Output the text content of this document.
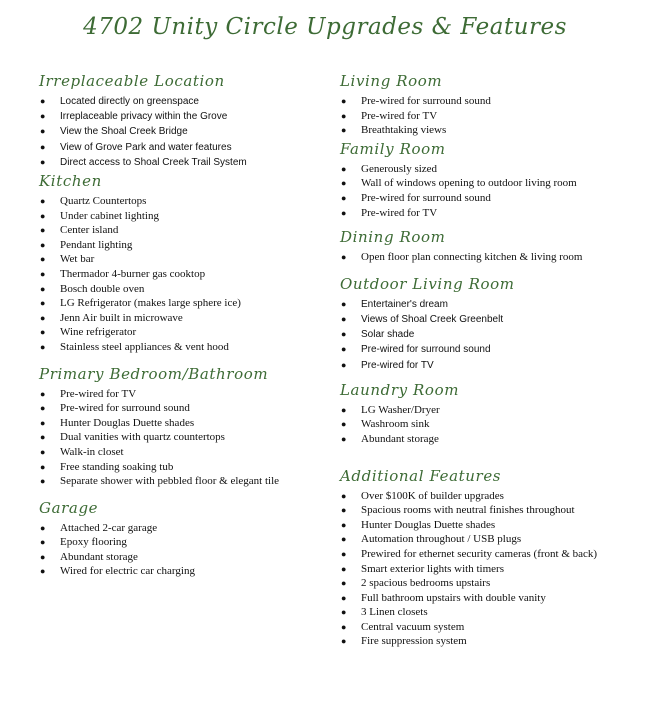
4702 Unity Circle Upgrades & Features
Irreplaceable Location
● Located directly on greenspace
● Irreplaceable privacy within the Grove
● View the Shoal Creek Bridge
● View of Grove Park and water features
● Direct access to Shoal Creek Trail System
Kitchen
● Quartz Countertops
● Under cabinet lighting
● Center island
● Pendant lighting
● Wet bar
● Thermador 4-burner gas cooktop
● Bosch double oven
● LG Refrigerator (makes large sphere ice)
● Jenn Air built in microwave
● Wine refrigerator
● Stainless steel appliances & vent hood
Primary Bedroom/Bathroom
● Pre-wired for TV
● Pre-wired for surround sound
● Hunter Douglas Duette shades
● Dual vanities with quartz countertops
● Walk-in closet
● Free standing soaking tub
● Separate shower with pebbled floor & elegant tile
Garage
● Attached 2-car garage
● Epoxy flooring
● Abundant storage
● Wired for electric car charging
Living Room
● Pre-wired for surround sound
● Pre-wired for TV
● Breathtaking views
Family Room
● Generously sized
● Wall of windows opening to outdoor living room
● Pre-wired for surround sound
● Pre-wired for TV
Dining Room
● Open floor plan connecting kitchen & living room
Outdoor Living Room
● Entertainer's dream
● Views of Shoal Creek Greenbelt
● Solar shade
● Pre-wired for surround sound
● Pre-wired for TV
Laundry Room
● LG Washer/Dryer
● Washroom sink
● Abundant storage
Additional Features
● Over $100K of builder upgrades
● Spacious rooms with neutral finishes throughout
● Hunter Douglas Duette shades
● Automation throughout / USB plugs
● Prewired for ethernet security cameras (front & back)
● Smart exterior lights with timers
● 2 spacious bedrooms upstairs
● Full bathroom upstairs with double vanity
● 3 Linen closets
● Central vacuum system
● Fire suppression system
